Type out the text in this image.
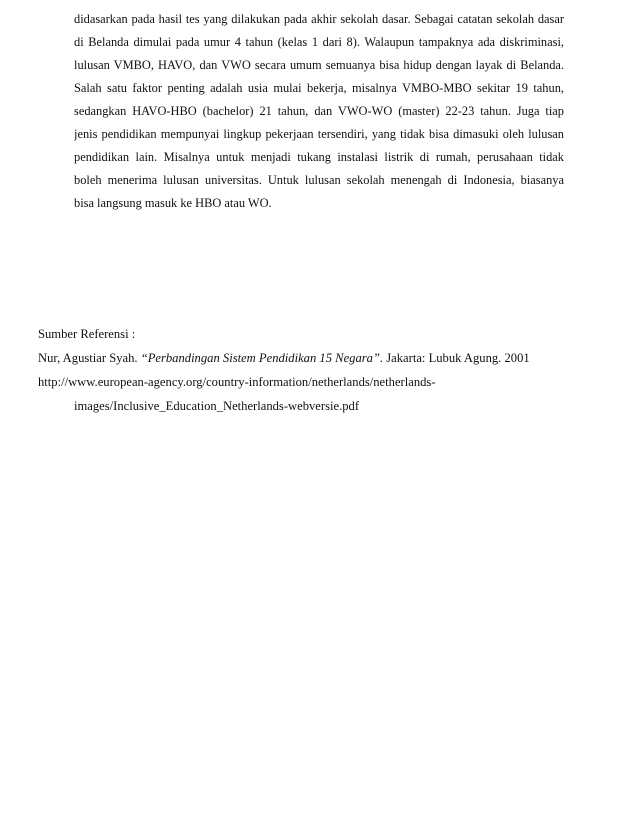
didasarkan pada hasil tes yang dilakukan pada akhir sekolah dasar. Sebagai catatan sekolah dasar
di Belanda dimulai pada umur 4 tahun (kelas 1 dari 8). Walaupun tampaknya ada diskriminasi,
lulusan VMBO, HAVO, dan VWO secara umum semuanya bisa hidup dengan layak di Belanda.
Salah satu faktor penting adalah usia mulai bekerja, misalnya VMBO-MBO sekitar 19 tahun,
sedangkan HAVO-HBO (bachelor) 21 tahun, dan VWO-WO (master) 22-23 tahun. Juga tiap
jenis pendidikan mempunyai lingkup pekerjaan tersendiri, yang tidak bisa dimasuki oleh lulusan
pendidikan lain. Misalnya untuk menjadi tukang instalasi listrik di rumah, perusahaan tidak
boleh menerima lulusan universitas. Untuk lulusan sekolah menengah di Indonesia, biasanya
bisa langsung masuk ke HBO atau WO.
Sumber Referensi :
Nur, Agustiar Syah. “Perbandingan Sistem Pendidikan 15 Negara”. Jakarta: Lubuk Agung. 2001
http://www.european-agency.org/country-information/netherlands/netherlands-
images/Inclusive_Education_Netherlands-webversie.pdf
